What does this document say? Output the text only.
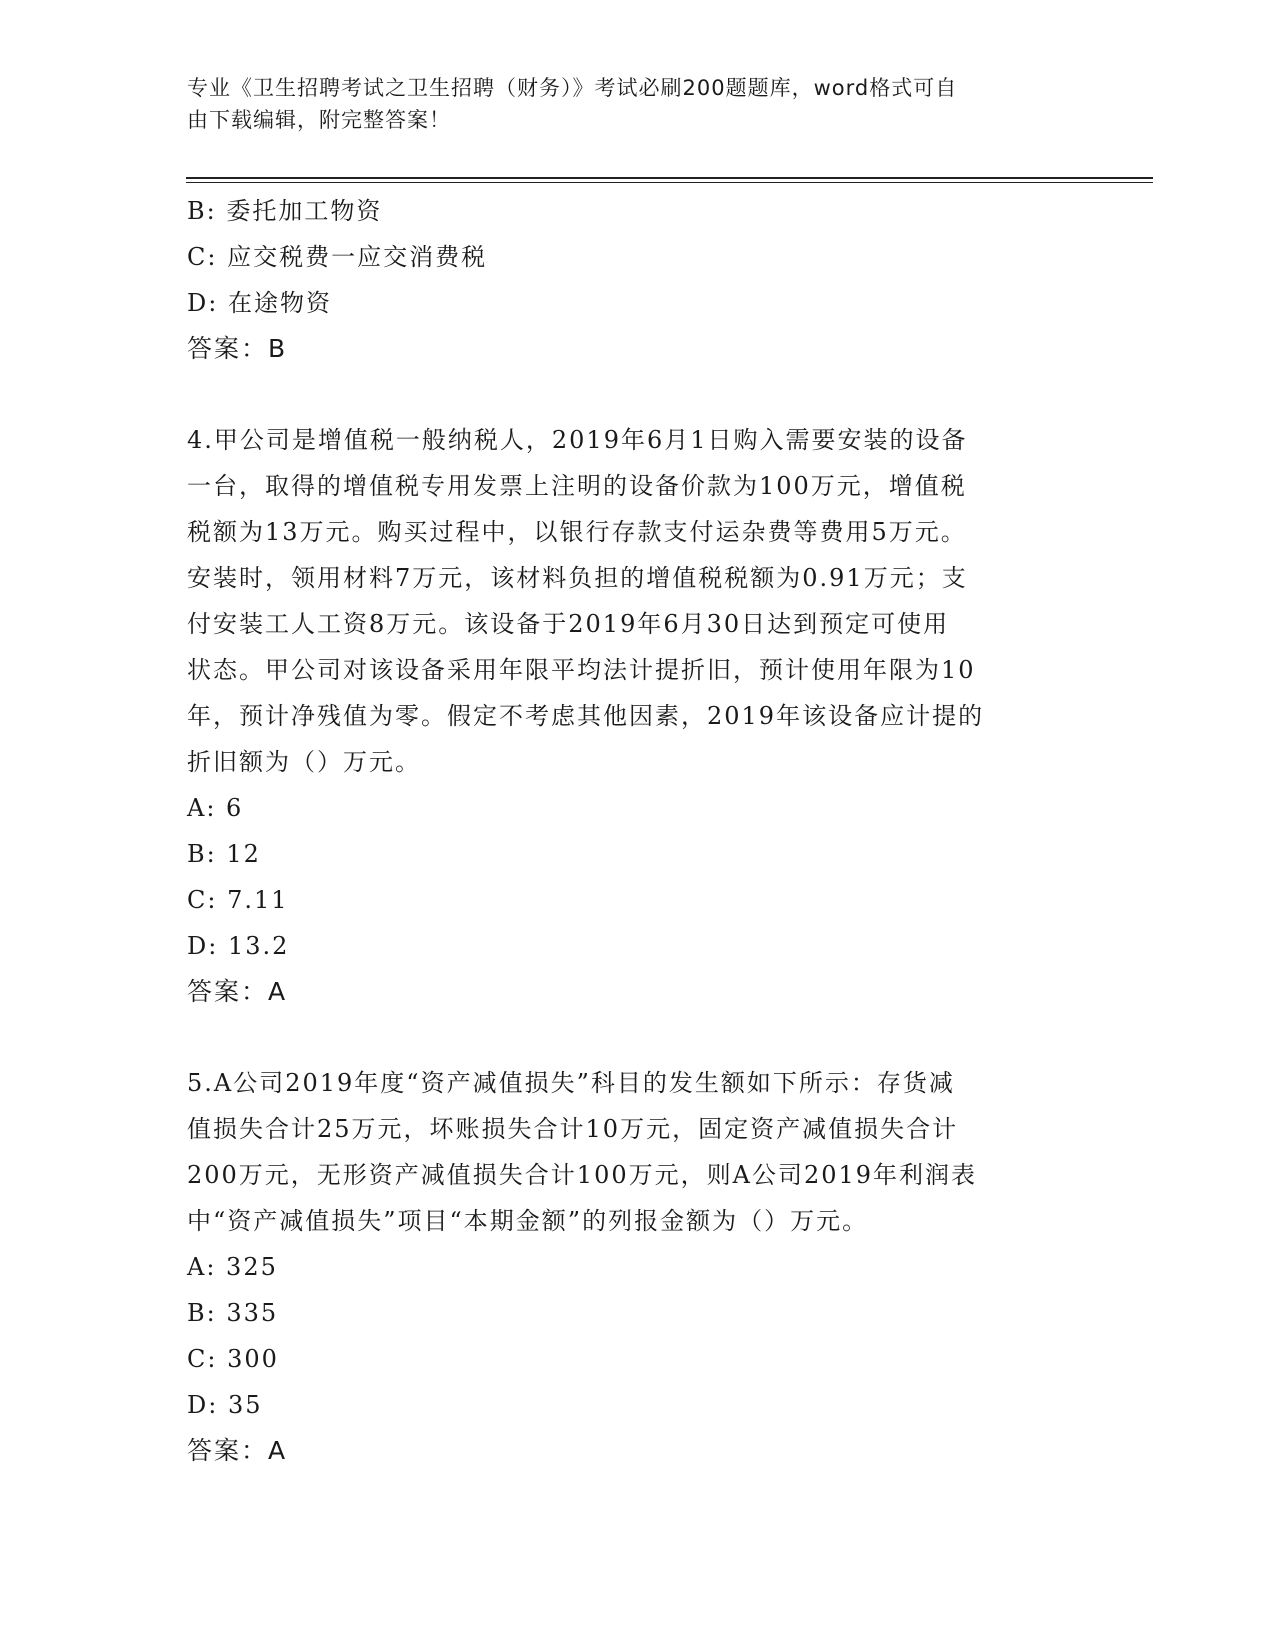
专业《卫生招聘考试之卫生招聘（财务）》考试必刷200题题库，word格式可自
由下载编辑，附完整答案！
B: 委托加工物资
C: 应交税费一应交消费税
D: 在途物资
答案：B
4.甲公司是增值税一般纳税人，2019年6月1日购入需要安装的设备
一台，取得的增值税专用发票上注明的设备价款为100万元，增值税
税额为13万元。购买过程中，以银行存款支付运杂费等费用5万元。
安装时，领用材料7万元，该材料负担的增值税税额为0.91万元；支
付安装工人工资8万元。该设备于2019年6月30日达到预定可使用
状态。甲公司对该设备采用年限平均法计提折旧，预计使用年限为10
年，预计净残值为零。假定不考虑其他因素，2019年该设备应计提的
折旧额为（）万元。
A: 6
B: 12
C: 7.11
D: 13.2
答案：A
5.A公司2019年度“资产减值损失”科目的发生额如下所示：存货减
值损失合计25万元，坏账损失合计10万元，固定资产减值损失合计
200万元，无形资产减值损失合计100万元，则A公司2019年利润表
中“资产减值损失”项目“本期金额”的列报金额为（）万元。
A: 325
B: 335
C: 300
D: 35
答案：A
